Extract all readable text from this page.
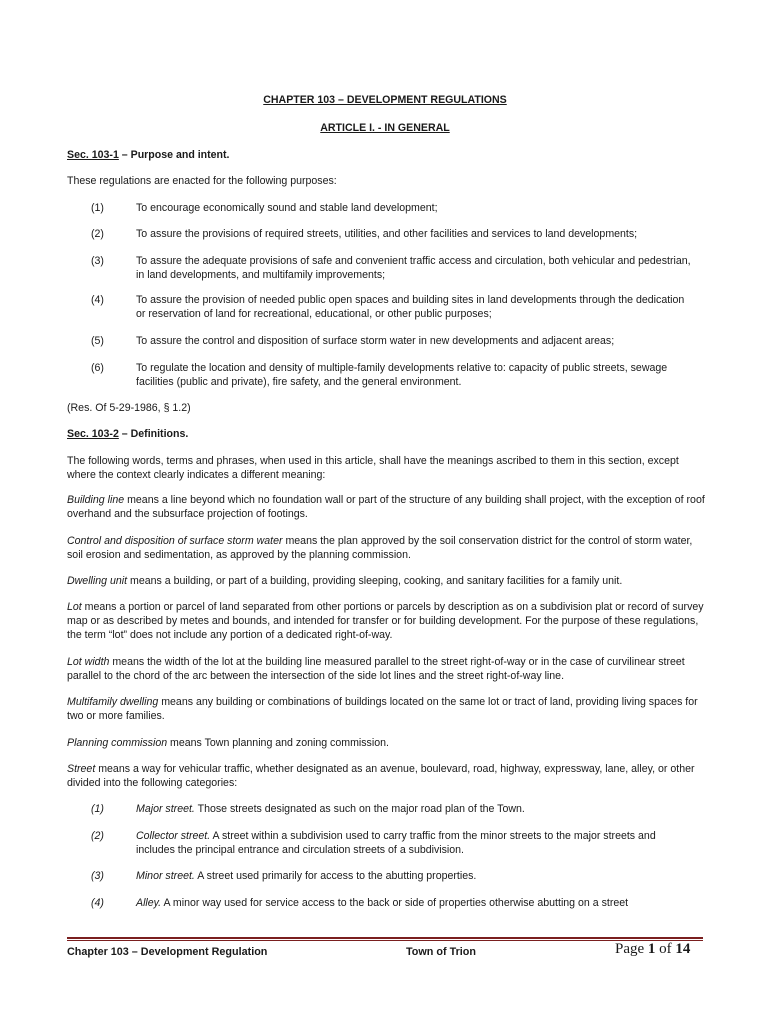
CHAPTER 103 – DEVELOPMENT REGULATIONS
ARTICLE I. - IN GENERAL
Sec. 103-1 – Purpose and intent.
These regulations are enacted for the following purposes:
(1)	To encourage economically sound and stable land development;
(2)	To assure the provisions of required streets, utilities, and other facilities and services to land developments;
(3)	To assure the adequate provisions of safe and convenient traffic access and circulation, both vehicular and pedestrian, in land developments, and multifamily improvements;
(4)	To assure the provision of needed public open spaces and building sites in land developments through the dedication or reservation of land for recreational, educational, or other public purposes;
(5)	To assure the control and disposition of surface storm water in new developments and adjacent areas;
(6)	To regulate the location and density of multiple-family developments relative to: capacity of public streets, sewage facilities (public and private), fire safety, and the general environment.
(Res. Of 5-29-1986, § 1.2)
Sec. 103-2 – Definitions.
The following words, terms and phrases, when used in this article, shall have the meanings ascribed to them in this section, except where the context clearly indicates a different meaning:
Building line means a line beyond which no foundation wall or part of the structure of any building shall project, with the exception of roof overhand and the subsurface projection of footings.
Control and disposition of surface storm water means the plan approved by the soil conservation district for the control of storm water, soil erosion and sedimentation, as approved by the planning commission.
Dwelling unit means a building, or part of a building, providing sleeping, cooking, and sanitary facilities for a family unit.
Lot means a portion or parcel of land separated from other portions or parcels by description as on a subdivision plat or record of survey map or as described by metes and bounds, and intended for transfer or for building development. For the purpose of these regulations, the term “lot” does not include any portion of a dedicated right-of-way.
Lot width means the width of the lot at the building line measured parallel to the street right-of-way or in the case of curvilinear street parallel to the chord of the arc between the intersection of the side lot lines and the street right-of-way line.
Multifamily dwelling means any building or combinations of buildings located on the same lot or tract of land, providing living spaces for two or more families.
Planning commission means Town planning and zoning commission.
Street means a way for vehicular traffic, whether designated as an avenue, boulevard, road, highway, expressway, lane, alley, or other divided into the following categories:
(1)	Major street. Those streets designated as such on the major road plan of the Town.
(2)	Collector street. A street within a subdivision used to carry traffic from the minor streets to the major streets and includes the principal entrance and circulation streets of a subdivision.
(3)	Minor street. A street used primarily for access to the abutting properties.
(4)	Alley. A minor way used for service access to the back or side of properties otherwise abutting on a street
Chapter 103 – Development Regulation	Town of Trion	Page 1 of 14
